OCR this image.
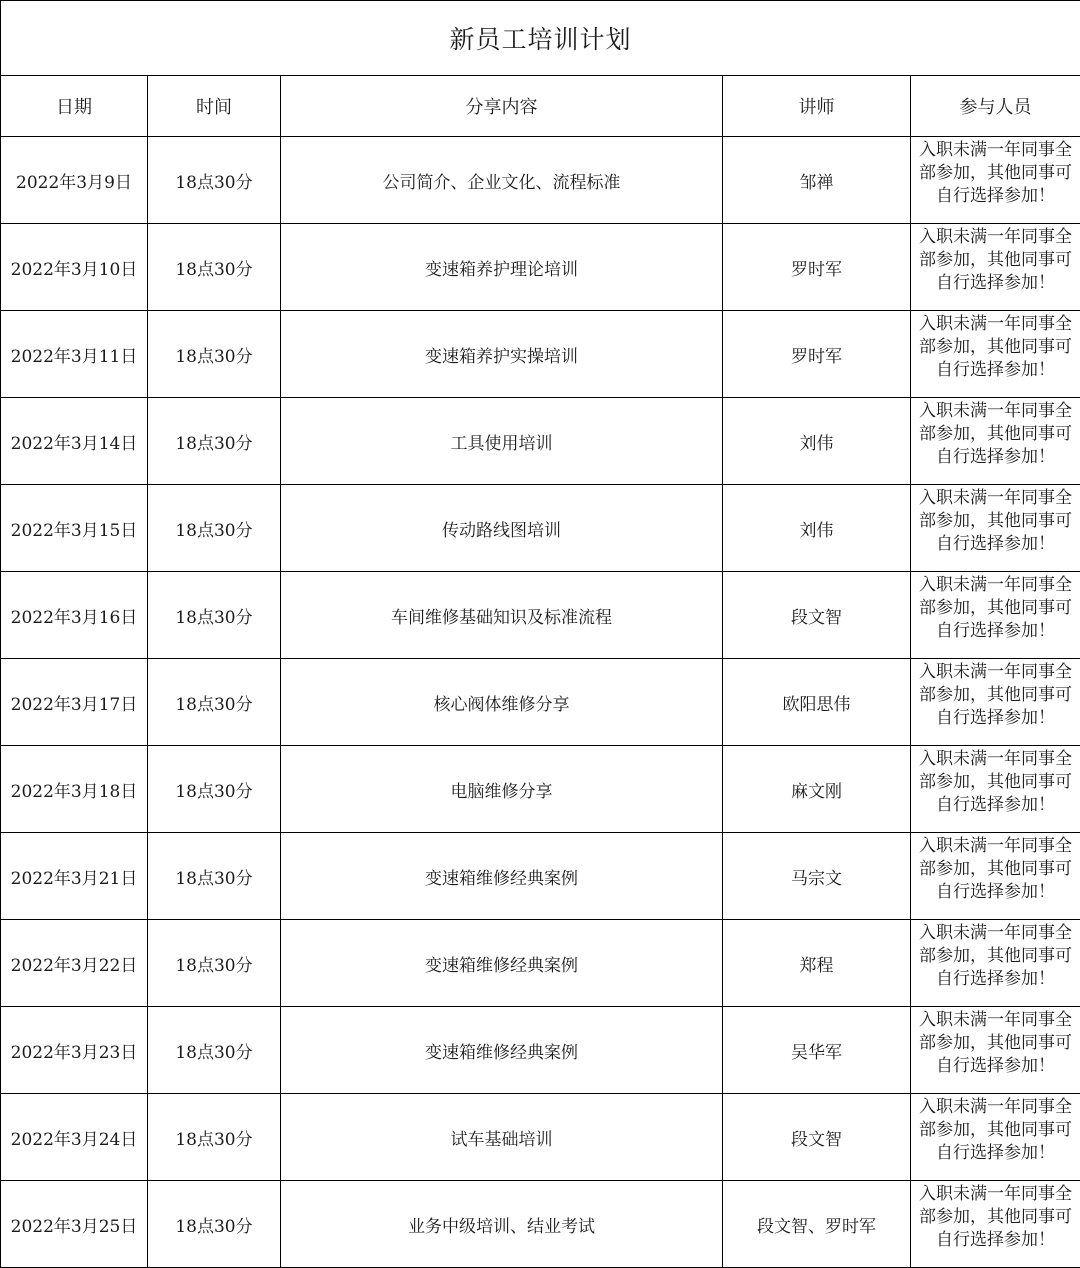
新员工培训计划				
日期	时间	分享内容	讲师	参与人员
2022年3月9日	18点30分	公司简介、企业文化、流程标准	邹禅	入职未满一年同事全部参加，其他同事可自行选择参加！

2022年3月10日	18点30分	变速箱养护理论培训	罗时军	入职未满一年同事全部参加，其他同事可自行选择参加！

2022年3月11日	18点30分	变速箱养护实操培训	罗时军	入职未满一年同事全部参加，其他同事可自行选择参加！

2022年3月14日	18点30分	工具使用培训	刘伟	入职未满一年同事全部参加，其他同事可自行选择参加！

2022年3月15日	18点30分	传动路线图培训	刘伟	入职未满一年同事全部参加，其他同事可自行选择参加！

2022年3月16日	18点30分	车间维修基础知识及标准流程	段文智	入职未满一年同事全部参加，其他同事可自行选择参加！

2022年3月17日	18点30分	核心阀体维修分享	欧阳思伟	入职未满一年同事全部参加，其他同事可自行选择参加！

2022年3月18日	18点30分	电脑维修分享	麻文刚	入职未满一年同事全部参加，其他同事可自行选择参加！

2022年3月21日	18点30分	变速箱维修经典案例	马宗文	入职未满一年同事全部参加，其他同事可自行选择参加！

2022年3月22日	18点30分	变速箱维修经典案例	郑程	入职未满一年同事全部参加，其他同事可自行选择参加！

2022年3月23日	18点30分	变速箱维修经典案例	吴华军	入职未满一年同事全部参加，其他同事可自行选择参加！

2022年3月24日	18点30分	试车基础培训	段文智	入职未满一年同事全部参加，其他同事可自行选择参加！

2022年3月25日	18点30分	业务中级培训、结业考试	段文智、罗时军	入职未满一年同事全部参加，其他同事可自行选择参加！
